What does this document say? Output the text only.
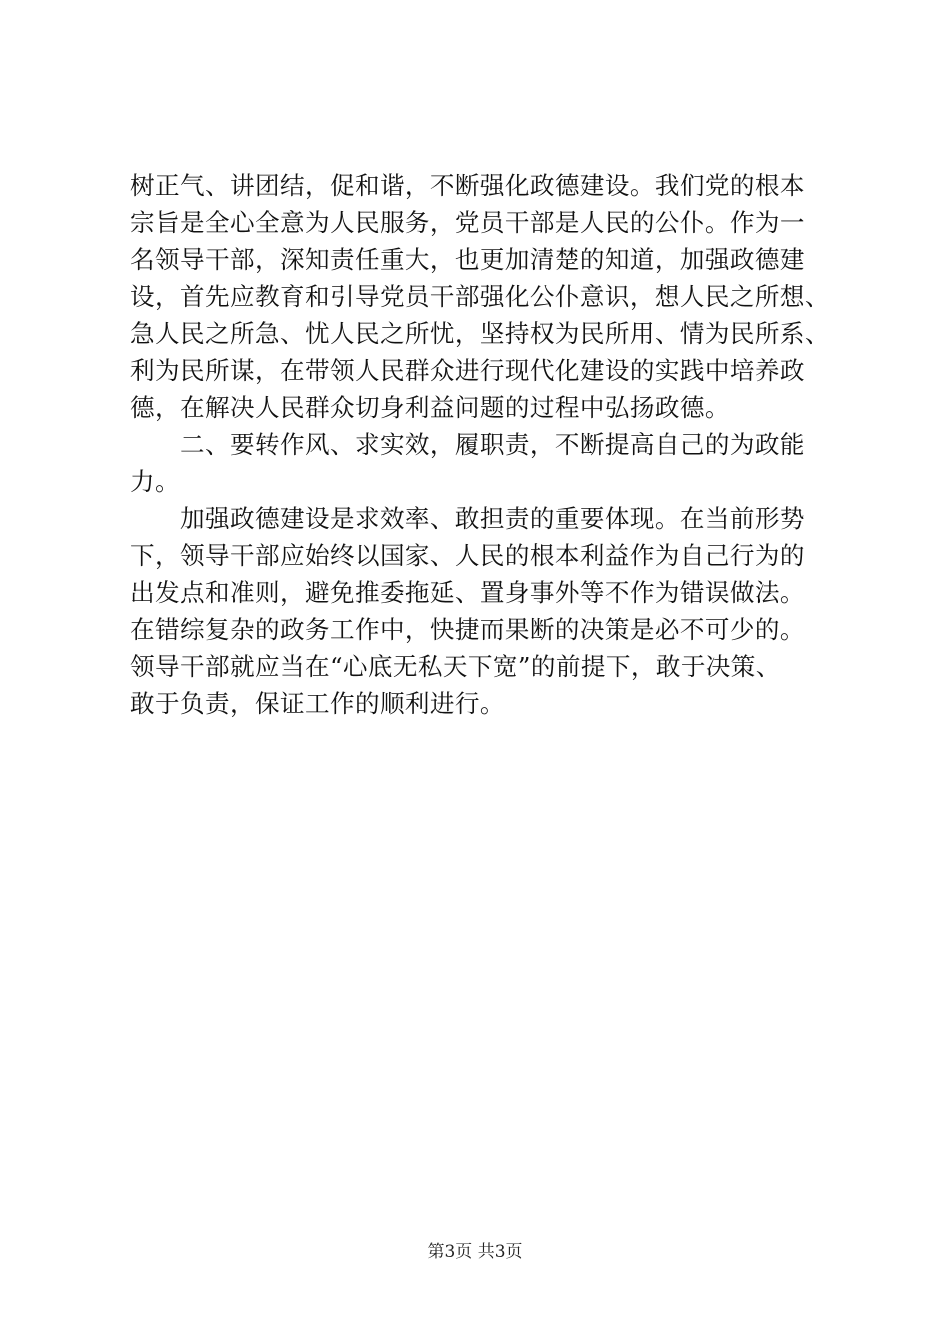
树正气、讲团结，促和谐，不断强化政德建设。我们党的根本
宗旨是全心全意为人民服务，党员干部是人民的公仆。作为一
名领导干部，深知责任重大，也更加清楚的知道，加强政德建
设，首先应教育和引导党员干部强化公仆意识，想人民之所想、
急人民之所急、忧人民之所忧，坚持权为民所用、情为民所系、
利为民所谋，在带领人民群众进行现代化建设的实践中培养政
德，在解决人民群众切身利益问题的过程中弘扬政德。
　　二、要转作风、求实效，履职责，不断提高自己的为政能
力。
　　加强政德建设是求效率、敢担责的重要体现。在当前形势
下，领导干部应始终以国家、人民的根本利益作为自己行为的
出发点和准则，避免推委拖延、置身事外等不作为错误做法。
在错综复杂的政务工作中，快捷而果断的决策是必不可少的。
领导干部就应当在“心底无私天下宽”的前提下，敢于决策、
敢于负责，保证工作的顺利进行。
第3页 共3页
